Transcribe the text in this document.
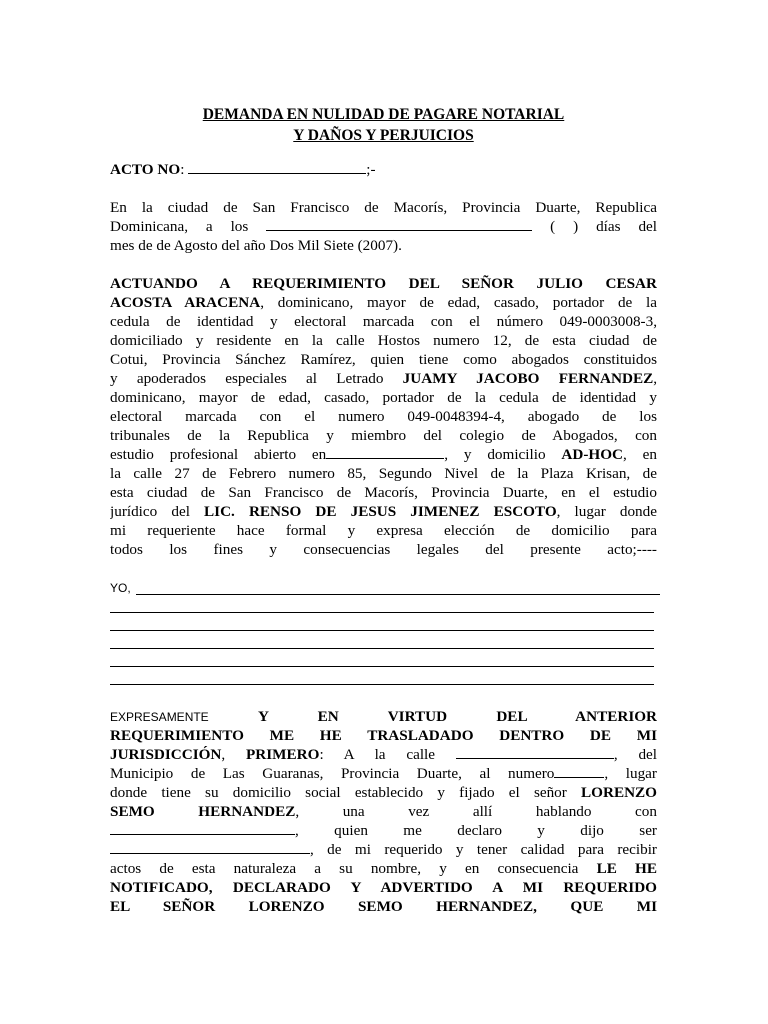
DEMANDA EN NULIDAD DE PAGARE NOTARIAL
Y DAÑOS Y PERJUICIOS
ACTO NO:	;-
En la ciudad de San Francisco de Macorís, Provincia Duarte, Republica
Dominicana, a los	( ) días del
mes de de Agosto del año Dos Mil Siete (2007).
ACTUANDO A REQUERIMIENTO DEL SEÑOR JULIO CESAR
ACOSTA ARACENA, dominicano, mayor de edad, casado, portador de la
cedula de identidad y electoral marcada con el número 049-0003008-3,
domiciliado y residente en la calle Hostos numero 12, de esta ciudad de
Cotui, Provincia Sánchez Ramírez, quien tiene como abogados constituidos
y apoderados especiales al Letrado JUAMY JACOBO FERNANDEZ,
dominicano, mayor de edad, casado, portador de la cedula de identidad y
electoral marcada con el numero 049-0048394-4, abogado de los
tribunales de la Republica y miembro del colegio de Abogados, con
estudio profesional abierto en	, y domicilio AD-HOC, en
la calle 27 de Febrero numero 85, Segundo Nivel de la Plaza Krisan, de
esta ciudad de San Francisco de Macorís, Provincia Duarte, en el estudio
jurídico del LIC. RENSO DE JESUS JIMENEZ ESCOTO, lugar donde
mi requeriente hace formal y expresa elección de domicilio para
todos los fines y consecuencias legales del presente acto;----
YO,
EXPRESAMENTE	Y EN VIRTUD DEL ANTERIOR
REQUERIMIENTO ME HE TRASLADADO DENTRO DE MI
JURISDICCIÓN, PRIMERO: A la calle	, del
Municipio de Las Guaranas, Provincia Duarte, al numero	, lugar
donde tiene su domicilio social establecido y fijado el señor LORENZO
SEMO HERNANDEZ, una vez allí hablando con
, quien me declaro y dijo ser
, de mi requerido y tener calidad para recibir
actos de esta naturaleza a su nombre, y en consecuencia LE HE
NOTIFICADO, DECLARADO Y ADVERTIDO A MI REQUERIDO
EL SEÑOR LORENZO SEMO HERNANDEZ, QUE MI
